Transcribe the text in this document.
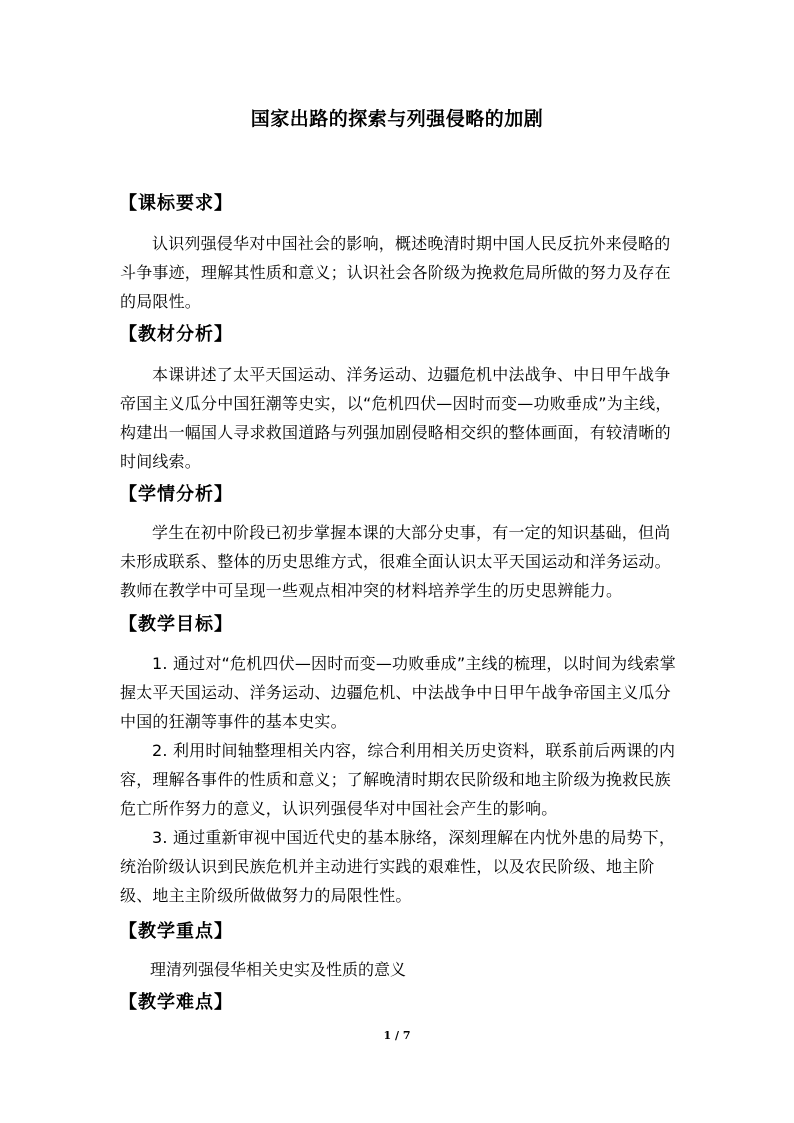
国家出路的探索与列强侵略的加剧
【课标要求】

认识列强侵华对中国社会的影响，概述晚清时期中国人民反抗外来侵略的斗争事迹，理解其性质和意义；认识社会各阶级为挽救危局所做的努力及存在的局限性。

【教材分析】

本课讲述了太平天国运动、洋务运动、边疆危机中法战争、中日甲午战争帝国主义瓜分中国狂潮等史实，以“危机四伏—因时而变—功败垂成”为主线，构建出一幅国人寻求救国道路与列强加剧侵略相交织的整体画面，有较清晰的时间线索。

【学情分析】

学生在初中阶段已初步掌握本课的大部分史事，有一定的知识基础，但尚未形成联系、整体的历史思维方式，很难全面认识太平天国运动和洋务运动。教师在教学中可呈现一些观点相冲突的材料培养学生的历史思辨能力。

【教学目标】

1. 通过对“危机四伏—因时而变—功败垂成”主线的梳理，以时间为线索掌握太平天国运动、洋务运动、边疆危机、中法战争中日甲午战争帝国主义瓜分中国的狂潮等事件的基本史实。

2. 利用时间轴整理相关内容，综合利用相关历史资料，联系前后两课的内容，理解各事件的性质和意义；了解晚清时期农民阶级和地主阶级为挽救民族危亡所作努力的意义，认识列强侵华对中国社会产生的影响。

3. 通过重新审视中国近代史的基本脉络，深刻理解在内忧外患的局势下，统治阶级认识到民族危机并主动进行实践的艰难性，以及农民阶级、地主阶级、地主主阶级所做做努力的局限性性。

【教学重点】
理清列强侵华相关史实及性质的意义
【教学难点】
1 / 7
